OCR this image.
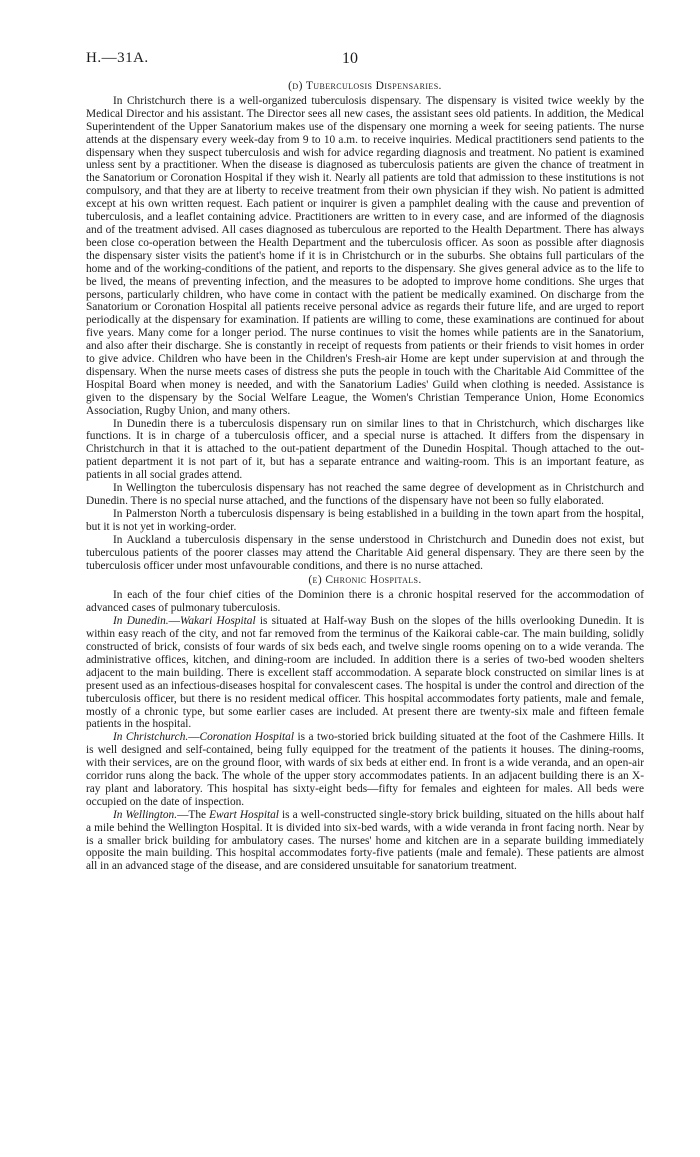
H.—31A.	10
(d) Tuberculosis Dispensaries.

In Christchurch there is a well-organized tuberculosis dispensary. The dispensary is visited twice weekly by the Medical Director and his assistant. The Director sees all new cases, the assistant sees old patients. In addition, the Medical Superintendent of the Upper Sanatorium makes use of the dispensary one morning a week for seeing patients. The nurse attends at the dispensary every week-day from 9 to 10 a.m. to receive inquiries. Medical practitioners send patients to the dispensary when they suspect tuberculosis and wish for advice regarding diagnosis and treatment. No patient is examined unless sent by a practitioner. When the disease is diagnosed as tuberculosis patients are given the chance of treatment in the Sanatorium or Coronation Hospital if they wish it. Nearly all patients are told that admission to these institutions is not compulsory, and that they are at liberty to receive treatment from their own physician if they wish. No patient is admitted except at his own written request. Each patient or inquirer is given a pamphlet dealing with the cause and prevention of tuberculosis, and a leaflet containing advice. Practitioners are written to in every case, and are informed of the diagnosis and of the treatment advised. All cases diagnosed as tuberculous are reported to the Health Department. There has always been close co-operation between the Health Department and the tuberculosis officer. As soon as possible after diagnosis the dispensary sister visits the patient's home if it is in Christchurch or in the suburbs. She obtains full particulars of the home and of the working-conditions of the patient, and reports to the dispensary. She gives general advice as to the life to be lived, the means of preventing infection, and the measures to be adopted to improve home conditions. She urges that persons, particularly children, who have come in contact with the patient be medically examined. On discharge from the Sanatorium or Coronation Hospital all patients receive personal advice as regards their future life, and are urged to report periodically at the dispensary for examination. If patients are willing to come, these examinations are continued for about five years. Many come for a longer period. The nurse continues to visit the homes while patients are in the Sanatorium, and also after their discharge. She is constantly in receipt of requests from patients or their friends to visit homes in order to give advice. Children who have been in the Children's Fresh-air Home are kept under supervision at and through the dispensary. When the nurse meets cases of distress she puts the people in touch with the Charitable Aid Committee of the Hospital Board when money is needed, and with the Sanatorium Ladies' Guild when clothing is needed. Assistance is given to the dispensary by the Social Welfare League, the Women's Christian Temperance Union, Home Economics Association, Rugby Union, and many others.

In Dunedin there is a tuberculosis dispensary run on similar lines to that in Christchurch, which discharges like functions. It is in charge of a tuberculosis officer, and a special nurse is attached. It differs from the dispensary in Christchurch in that it is attached to the out-patient department of the Dunedin Hospital. Though attached to the out-patient department it is not part of it, but has a separate entrance and waiting-room. This is an important feature, as patients in all social grades attend.

In Wellington the tuberculosis dispensary has not reached the same degree of development as in Christchurch and Dunedin. There is no special nurse attached, and the functions of the dispensary have not been so fully elaborated.

In Palmerston North a tuberculosis dispensary is being established in a building in the town apart from the hospital, but it is not yet in working-order.

In Auckland a tuberculosis dispensary in the sense understood in Christchurch and Dunedin does not exist, but tuberculous patients of the poorer classes may attend the Charitable Aid general dispensary. They are there seen by the tuberculosis officer under most unfavourable conditions, and there is no nurse attached.

(e) Chronic Hospitals.

In each of the four chief cities of the Dominion there is a chronic hospital reserved for the accommodation of advanced cases of pulmonary tuberculosis.

In Dunedin.—Wakari Hospital is situated at Half-way Bush on the slopes of the hills overlooking Dunedin. It is within easy reach of the city, and not far removed from the terminus of the Kaikorai cable-car. The main building, solidly constructed of brick, consists of four wards of six beds each, and twelve single rooms opening on to a wide veranda. The administrative offices, kitchen, and dining-room are included. In addition there is a series of two-bed wooden shelters adjacent to the main building. There is excellent staff accommodation. A separate block constructed on similar lines is at present used as an infectious-diseases hospital for convalescent cases. The hospital is under the control and direction of the tuberculosis officer, but there is no resident medical officer. This hospital accommodates forty patients, male and female, mostly of a chronic type, but some earlier cases are included. At present there are twenty-six male and fifteen female patients in the hospital.

In Christchurch.—Coronation Hospital is a two-storied brick building situated at the foot of the Cashmere Hills. It is well designed and self-contained, being fully equipped for the treatment of the patients it houses. The dining-rooms, with their services, are on the ground floor, with wards of six beds at either end. In front is a wide veranda, and an open-air corridor runs along the back. The whole of the upper story accommodates patients. In an adjacent building there is an X-ray plant and laboratory. This hospital has sixty-eight beds—fifty for females and eighteen for males. All beds were occupied on the date of inspection.

In Wellington.—The Ewart Hospital is a well-constructed single-story brick building, situated on the hills about half a mile behind the Wellington Hospital. It is divided into six-bed wards, with a wide veranda in front facing north. Near by is a smaller brick building for ambulatory cases. The nurses' home and kitchen are in a separate building immediately opposite the main building. This hospital accommodates forty-five patients (male and female). These patients are almost all in an advanced stage of the disease, and are considered unsuitable for sanatorium treatment.
